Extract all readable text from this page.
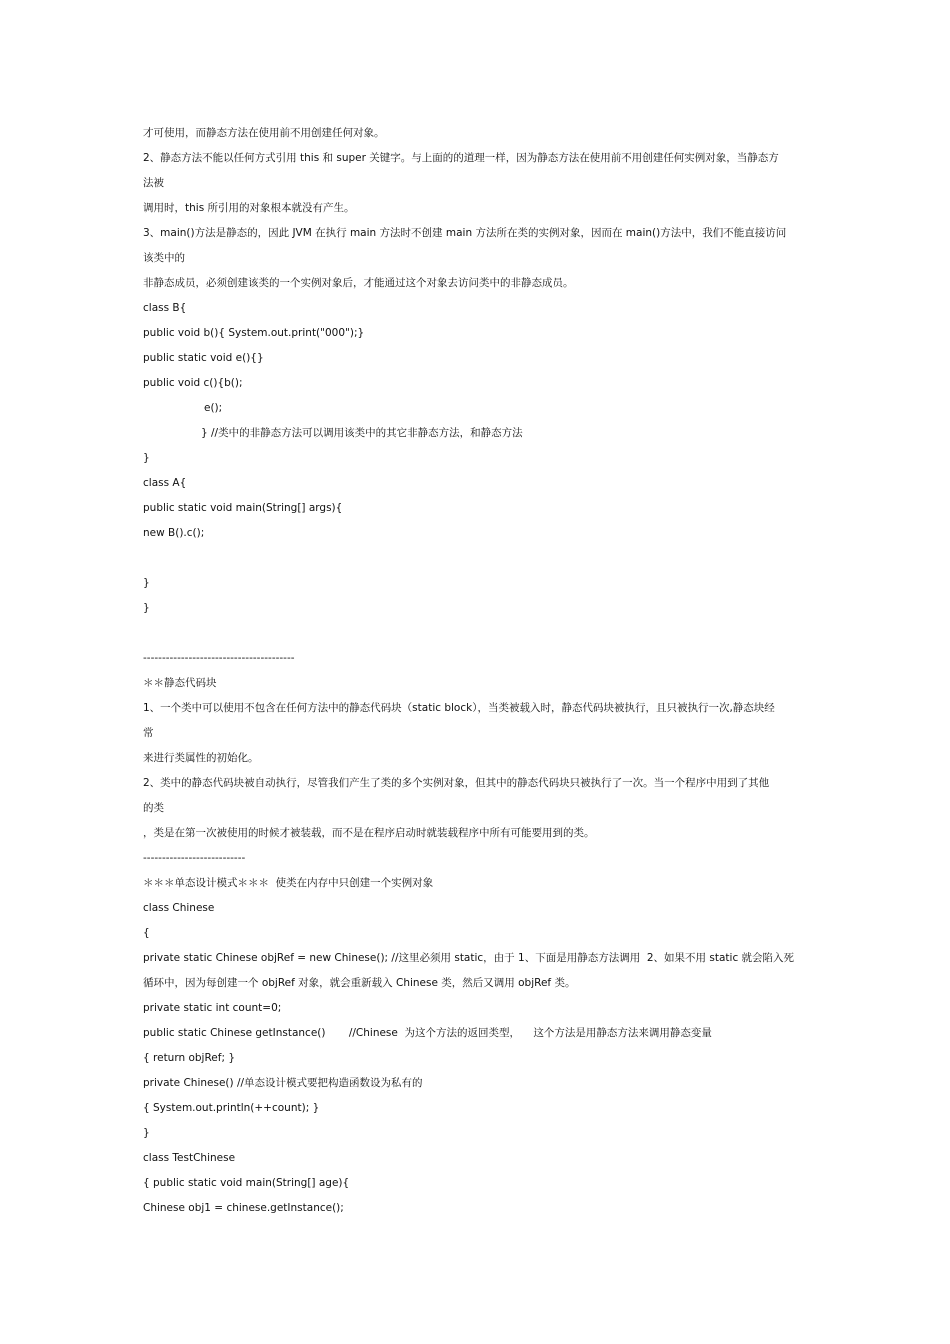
才可使用，而静态方法在使用前不用创建任何对象。
2、静态方法不能以任何方式引用 this 和 super 关键字。与上面的的道理一样，因为静态方法在使用前不用创建任何实例对象，当静态方
法被
调用时，this 所引用的对象根本就没有产生。
3、main()方法是静态的，因此 JVM 在执行 main 方法时不创建 main 方法所在类的实例对象，因而在 main()方法中，我们不能直接访问
该类中的
非静态成员，必须创建该类的一个实例对象后，才能通过这个对象去访问类中的非静态成员。
class B{
public void b(){ System.out.print("000");}
public static void e(){}
public void c(){b();
e();
} //类中的非静态方法可以调用该类中的其它非静态方法，和静态方法
}
class A{
public static void main(String[] args){
new B().c();
}
}
----------------------------------------
＊＊静态代码块
1、一个类中可以使用不包含在任何方法中的静态代码块（static block），当类被载入时，静态代码块被执行，且只被执行一次,静态块经
常
来进行类属性的初始化。
2、类中的静态代码块被自动执行，尽管我们产生了类的多个实例对象，但其中的静态代码块只被执行了一次。当一个程序中用到了其他
的类
，类是在第一次被使用的时候才被装载，而不是在程序启动时就装载程序中所有可能要用到的类。
---------------------------
＊＊＊单态设计模式＊＊＊  使类在内存中只创建一个实例对象
class Chinese
{
private static Chinese objRef = new Chinese(); //这里必须用 static，由于 1、下面是用静态方法调用  2、如果不用 static 就会陷入死
循环中，因为每创建一个 objRef 对象，就会重新载入 Chinese 类，然后又调用 objRef 类。
private static int count=0;
public static Chinese getInstance()       //Chinese  为这个方法的返回类型，    这个方法是用静态方法来调用静态变量
{ return objRef; }
private Chinese() //单态设计模式要把构造函数设为私有的
{ System.out.println(++count); }
}
class TestChinese
{ public static void main(String[] age){
Chinese obj1 = chinese.getInstance();
